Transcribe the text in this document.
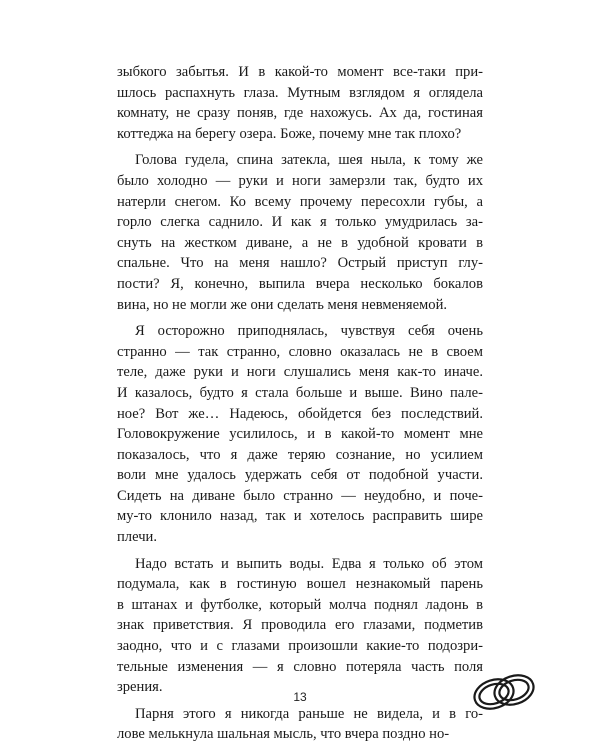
зыбкого забытья. И в какой-то момент все-таки при-
шлось распахнуть глаза. Мутным взглядом я оглядела
комнату, не сразу поняв, где нахожусь. Ах да, гостиная
коттеджа на берегу озера. Боже, почему мне так плохо?
Голова гудела, спина затекла, шея ныла, к тому же
было холодно — руки и ноги замерзли так, будто их
натерли снегом. Ко всему прочему пересохли губы, а
горло слегка саднило. И как я только умудрилась за-
снуть на жестком диване, а не в удобной кровати в
спальне. Что на меня нашло? Острый приступ глу-
пости? Я, конечно, выпила вчера несколько бокалов
вина, но не могли же они сделать меня невменяемой.
Я осторожно приподнялась, чувствуя себя очень
странно — так странно, словно оказалась не в своем
теле, даже руки и ноги слушались меня как-то иначе.
И казалось, будто я стала больше и выше. Вино пале-
ное? Вот же… Надеюсь, обойдется без последствий.
Головокружение усилилось, и в какой-то момент мне
показалось, что я даже теряю сознание, но усилием
воли мне удалось удержать себя от подобной участи.
Сидеть на диване было странно — неудобно, и поче-
му-то клонило назад, так и хотелось расправить шире
плечи.
Надо встать и выпить воды. Едва я только об этом
подумала, как в гостиную вошел незнакомый парень
в штанах и футболке, который молча поднял ладонь в
знак приветствия. Я проводила его глазами, подметив
заодно, что и с глазами произошли какие-то подозри-
тельные изменения — я словно потеряла часть поля
зрения.
Парня этого я никогда раньше не видела, и в го-
лове мелькнула шальная мысль, что вчера поздно но-
13
